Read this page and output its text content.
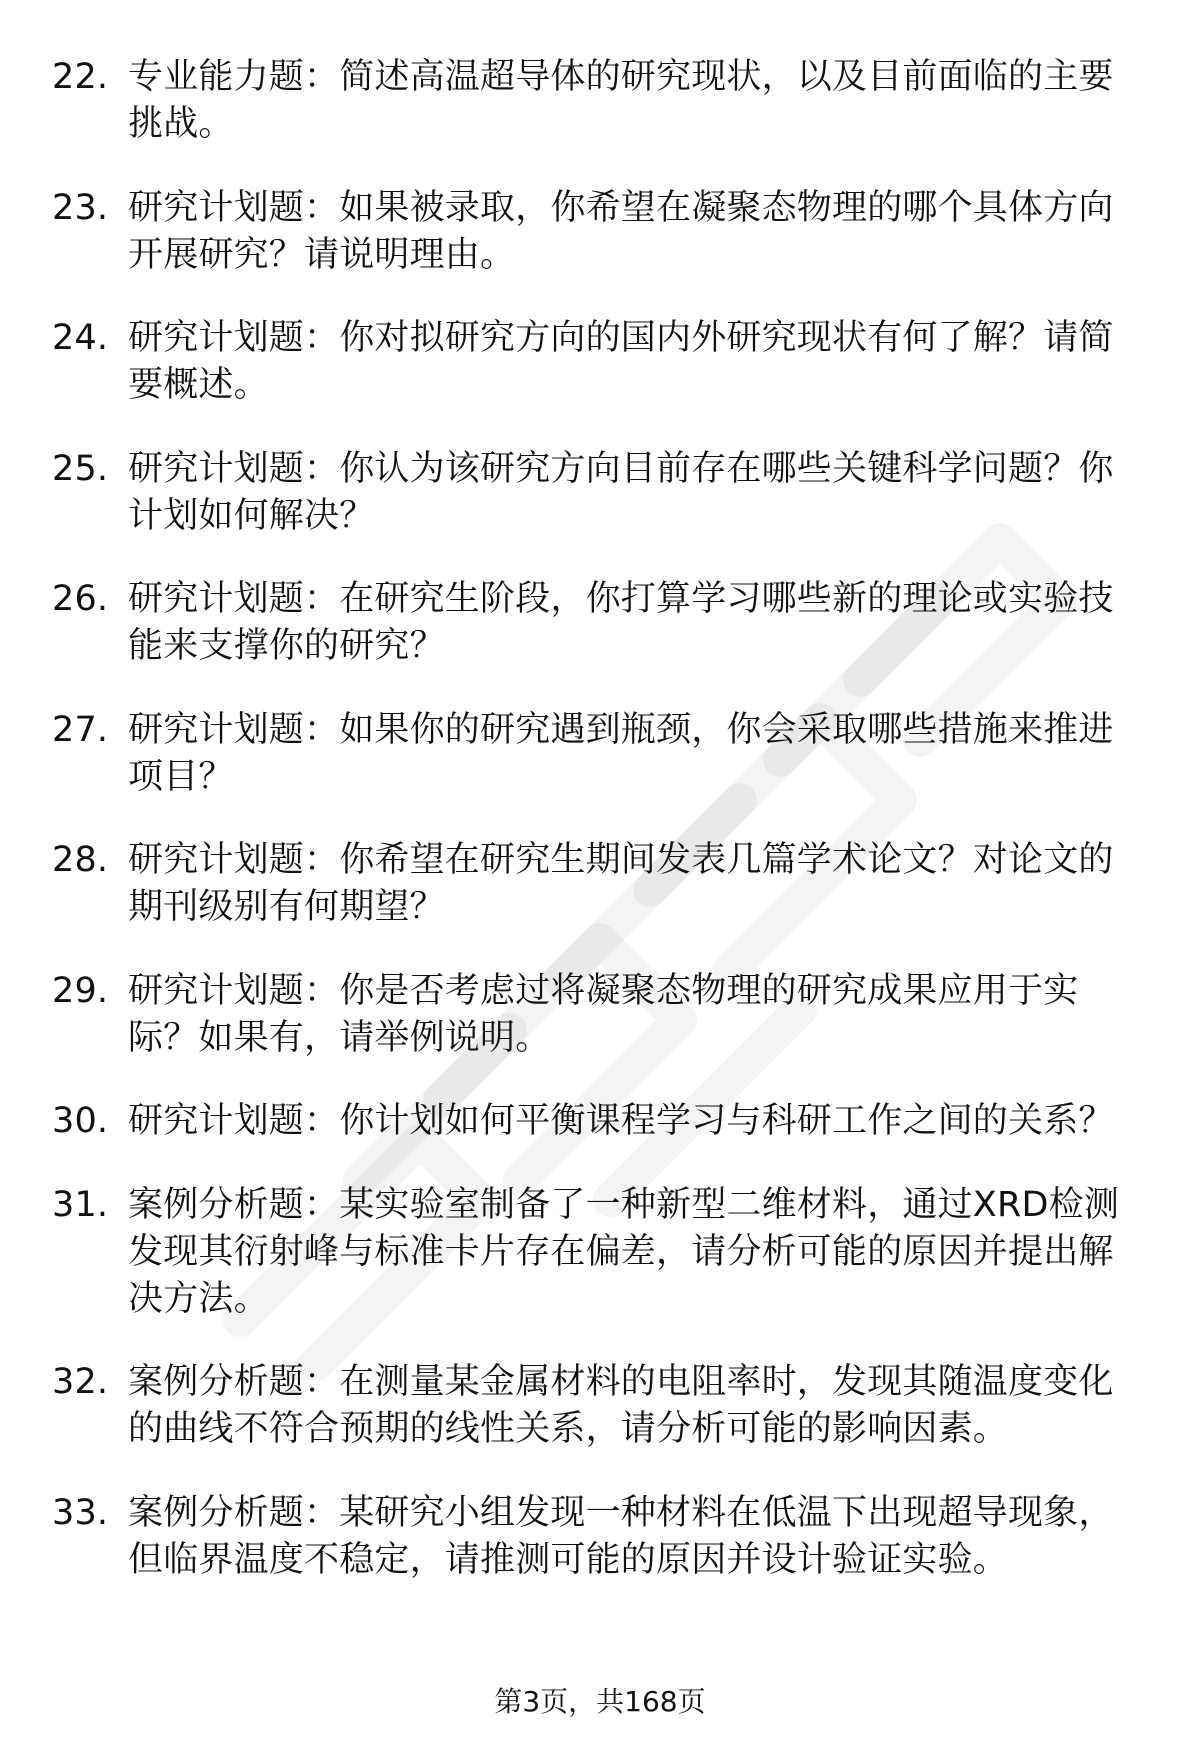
22. 专业能力题：简述高温超导体的研究现状，以及目前面临的主要挑战。
23. 研究计划题：如果被录取，你希望在凝聚态物理的哪个具体方向开展研究？请说明理由。
24. 研究计划题：你对拟研究方向的国内外研究现状有何了解？请简要概述。
25. 研究计划题：你认为该研究方向目前存在哪些关键科学问题？你计划如何解决？
26. 研究计划题：在研究生阶段，你打算学习哪些新的理论或实验技能来支撑你的研究？
27. 研究计划题：如果你的研究遇到瓶颈，你会采取哪些措施来推进项目？
28. 研究计划题：你希望在研究生期间发表几篇学术论文？对论文的期刊级别有何期望？
29. 研究计划题：你是否考虑过将凝聚态物理的研究成果应用于实际？如果有，请举例说明。
30. 研究计划题：你计划如何平衡课程学习与科研工作之间的关系？
31. 案例分析题：某实验室制备了一种新型二维材料，通过XRD检测发现其衍射峰与标准卡片存在偏差，请分析可能的原因并提出解决方法。
32. 案例分析题：在测量某金属材料的电阻率时，发现其随温度变化的曲线不符合预期的线性关系，请分析可能的影响因素。
33. 案例分析题：某研究小组发现一种材料在低温下出现超导现象，但临界温度不稳定，请推测可能的原因并设计验证实验。
第3页，共168页
